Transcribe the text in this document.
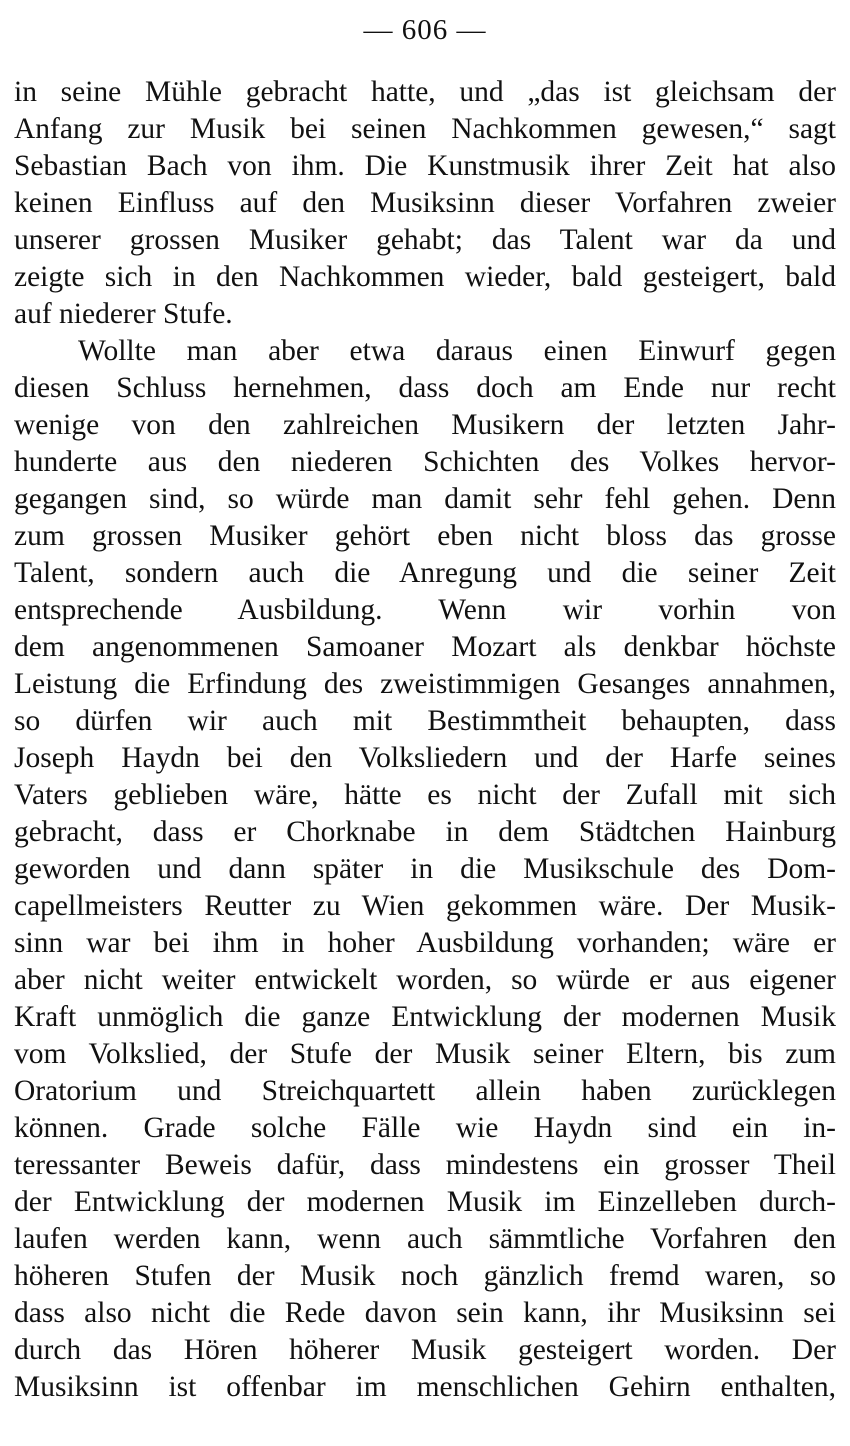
— 606 —
in seine Mühle gebracht hatte, und „das ist gleichsam der
Anfang zur Musik bei seinen Nachkommen gewesen,“ sagt
Sebastian Bach von ihm. Die Kunstmusik ihrer Zeit hat also
keinen Einfluss auf den Musiksinn dieser Vorfahren zweier
unserer grossen Musiker gehabt; das Talent war da und
zeigte sich in den Nachkommen wieder, bald gesteigert, bald
auf niederer Stufe.
Wollte man aber etwa daraus einen Einwurf gegen
diesen Schluss hernehmen, dass doch am Ende nur recht
wenige von den zahlreichen Musikern der letzten Jahr-
hunderte aus den niederen Schichten des Volkes hervor-
gegangen sind, so würde man damit sehr fehl gehen. Denn
zum grossen Musiker gehört eben nicht bloss das grosse
Talent, sondern auch die Anregung und die seiner Zeit
entsprechende Ausbildung. Wenn wir vorhin von
dem angenommenen Samoaner Mozart als denkbar höchste
Leistung die Erfindung des zweistimmigen Gesanges annahmen,
so dürfen wir auch mit Bestimmtheit behaupten, dass
Joseph Haydn bei den Volksliedern und der Harfe seines
Vaters geblieben wäre, hätte es nicht der Zufall mit sich
gebracht, dass er Chorknabe in dem Städtchen Hainburg
geworden und dann später in die Musikschule des Dom-
capellmeisters Reutter zu Wien gekommen wäre. Der Musik-
sinn war bei ihm in hoher Ausbildung vorhanden; wäre er
aber nicht weiter entwickelt worden, so würde er aus eigener
Kraft unmöglich die ganze Entwicklung der modernen Musik
vom Volkslied, der Stufe der Musik seiner Eltern, bis zum
Oratorium und Streichquartett allein haben zurücklegen
können. Grade solche Fälle wie Haydn sind ein in-
teressanter Beweis dafür, dass mindestens ein grosser Theil
der Entwicklung der modernen Musik im Einzelleben durch-
laufen werden kann, wenn auch sämmtliche Vorfahren den
höheren Stufen der Musik noch gänzlich fremd waren, so
dass also nicht die Rede davon sein kann, ihr Musiksinn sei
durch das Hören höherer Musik gesteigert worden. Der
Musiksinn ist offenbar im menschlichen Gehirn enthalten,
